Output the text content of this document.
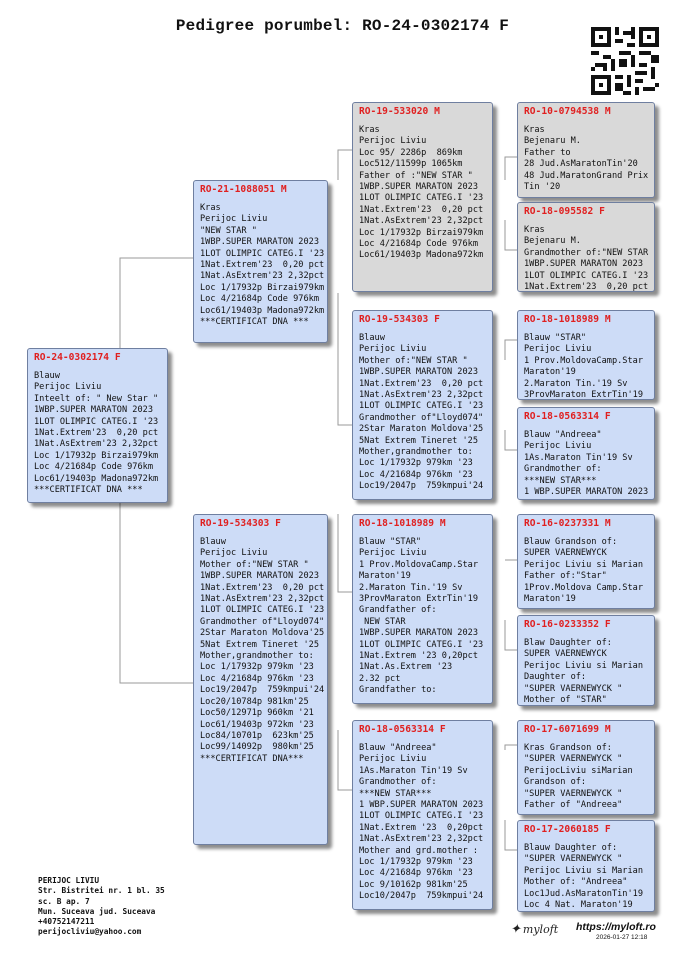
Pedigree porumbel: RO-24-0302174 F
RO-24-0302174 F
Blauw
Perijoc Liviu
Inteelt of: " New Star "
1WBP.SUPER MARATON 2023
1LOT OLIMPIC CATEG.I '23
1Nat.Extrem'23  0,20 pct
1Nat.AsExtrem'23 2,32pct
Loc 1/17932p Birzai979km
Loc 4/21684p Code 976km
Loc61/19403p Madona972km
***CERTIFICAT DNA ***
RO-21-1088051 M
Kras
Perijoc Liviu
"NEW STAR "
1WBP.SUPER MARATON 2023
1LOT OLIMPIC CATEG.I '23
1Nat.Extrem'23  0,20 pct
1Nat.AsExtrem'23 2,32pct
Loc 1/17932p Birzai979km
Loc 4/21684p Code 976km
Loc61/19403p Madona972km
***CERTIFICAT DNA ***
RO-19-534303 F
Blauw
Perijoc Liviu
Mother of:"NEW STAR "
1WBP.SUPER MARATON 2023
1Nat.Extrem'23  0,20 pct
1Nat.AsExtrem'23 2,32pct
1LOT OLIMPIC CATEG.I '23
Grandmother of"Lloyd074"
2Star Maraton Moldova'25
5Nat Extrem Tineret '25
Mother,grandmother to:
Loc 1/17932p 979km '23
Loc 4/21684p 976km '23
Loc19/2047p  759kmpui'24
Loc20/10784p 981km'25
Loc50/12971p 960km '21
Loc61/19403p 972km '23
Loc84/10701p  623km'25
Loc99/14092p  980km'25
***CERTIFICAT DNA***
RO-19-533020 M
Kras
Perijoc Liviu
Loc 95/ 2286p  869km
Loc512/11599p 1065km
Father of :"NEW STAR "
1WBP.SUPER MARATON 2023
1LOT OLIMPIC CATEG.I '23
1Nat.Extrem'23  0,20 pct
1Nat.AsExtrem'23 2,32pct
Loc 1/17932p Birzai979km
Loc 4/21684p Code 976km
Loc61/19403p Madona972km
RO-19-534303 F
Blauw
Perijoc Liviu
Mother of:"NEW STAR "
1WBP.SUPER MARATON 2023
1Nat.Extrem'23  0,20 pct
1Nat.AsExtrem'23 2,32pct
1LOT OLIMPIC CATEG.I '23
Grandmother of"Lloyd074"
2Star Maraton Moldova'25
5Nat Extrem Tineret '25
Mother,grandmother to:
Loc 1/17932p 979km '23
Loc 4/21684p 976km '23
Loc19/2047p  759kmpui'24
RO-18-1018989 M
Blauw "STAR"
Perijoc Liviu
1 Prov.MoldovaCamp.Star
Maraton'19
2.Maraton Tin.'19 Sv
3ProvMaraton ExtrTin'19
Grandfather of:
NEW STAR
1WBP.SUPER MARATON 2023
1LOT OLIMPIC CATEG.I '23
1Nat.Extrem '23 0,20pct
1Nat.As.Extrem '23
2.32 pct
Grandfather to:
RO-18-0563314 F
Blauw "Andreea"
Perijoc Liviu
1As.Maraton Tin'19 Sv
Grandmother of:
***NEW STAR***
1 WBP.SUPER MARATON 2023
1LOT OLIMPIC CATEG.I '23
1Nat.Extrem '23  0,20pct
1Nat.AsExtrem'23 2,32pct
Mother and grd.mother :
Loc 1/17932p 979km '23
Loc 4/21684p 976km '23
Loc 9/10162p 981km'25
Loc10/2047p  759kmpui'24
RO-10-0794538 M
Kras
Bejenaru M.
Father to
28 Jud.AsMaratonTin'20
48 Jud.MaratonGrand Prix
Tin '20
RO-18-095582 F
Kras
Bejenaru M.
Grandmother of:"NEW STAR
1WBP.SUPER MARATON 2023
1LOT OLIMPIC CATEG.I '23
1Nat.Extrem'23  0,20 pct
RO-18-1018989 M
Blauw "STAR"
Perijoc Liviu
1 Prov.MoldovaCamp.Star
Maraton'19
2.Maraton Tin.'19 Sv
3ProvMaraton ExtrTin'19
RO-18-0563314 F
Blauw "Andreea"
Perijoc Liviu
1As.Maraton Tin'19 Sv
Grandmother of:
***NEW STAR***
1 WBP.SUPER MARATON 2023
RO-16-0237331 M
Blauw Grandson of:
SUPER VAERNEWYCK
Perijoc Liviu si Marian
Father of:"Star"
1Prov.Moldova Camp.Star
Maraton'19
RO-16-0233352 F
Blaw Daughter of:
SUPER VAERNEWYCK
Perijoc Liviu si Marian
Daughter of:
"SUPER VAERNEWYCK "
Mother of "STAR"
RO-17-6071699 M
Kras Grandson of:
"SUPER VAERNEWYCK "
PerijocLiviu siMarian
Grandson of:
"SUPER VAERNEWYCK "
Father of "Andreea"
RO-17-2060185 F
Blauw Daughter of:
"SUPER VAERNEWYCK "
Perijoc Liviu si Marian
Mother of: "Andreea"
Loc1Jud.AsMaratonTin'19
Loc 4 Nat. Maraton'19
PERIJOC LIVIU
Str. Bistritei nr. 1 bl. 35
sc. B ap. 7
Mun. Suceava jud. Suceava
+40752147211
perijocliviu@yahoo.com	✦ myloft	https://myloft.ro
2026-01-27 12:18
